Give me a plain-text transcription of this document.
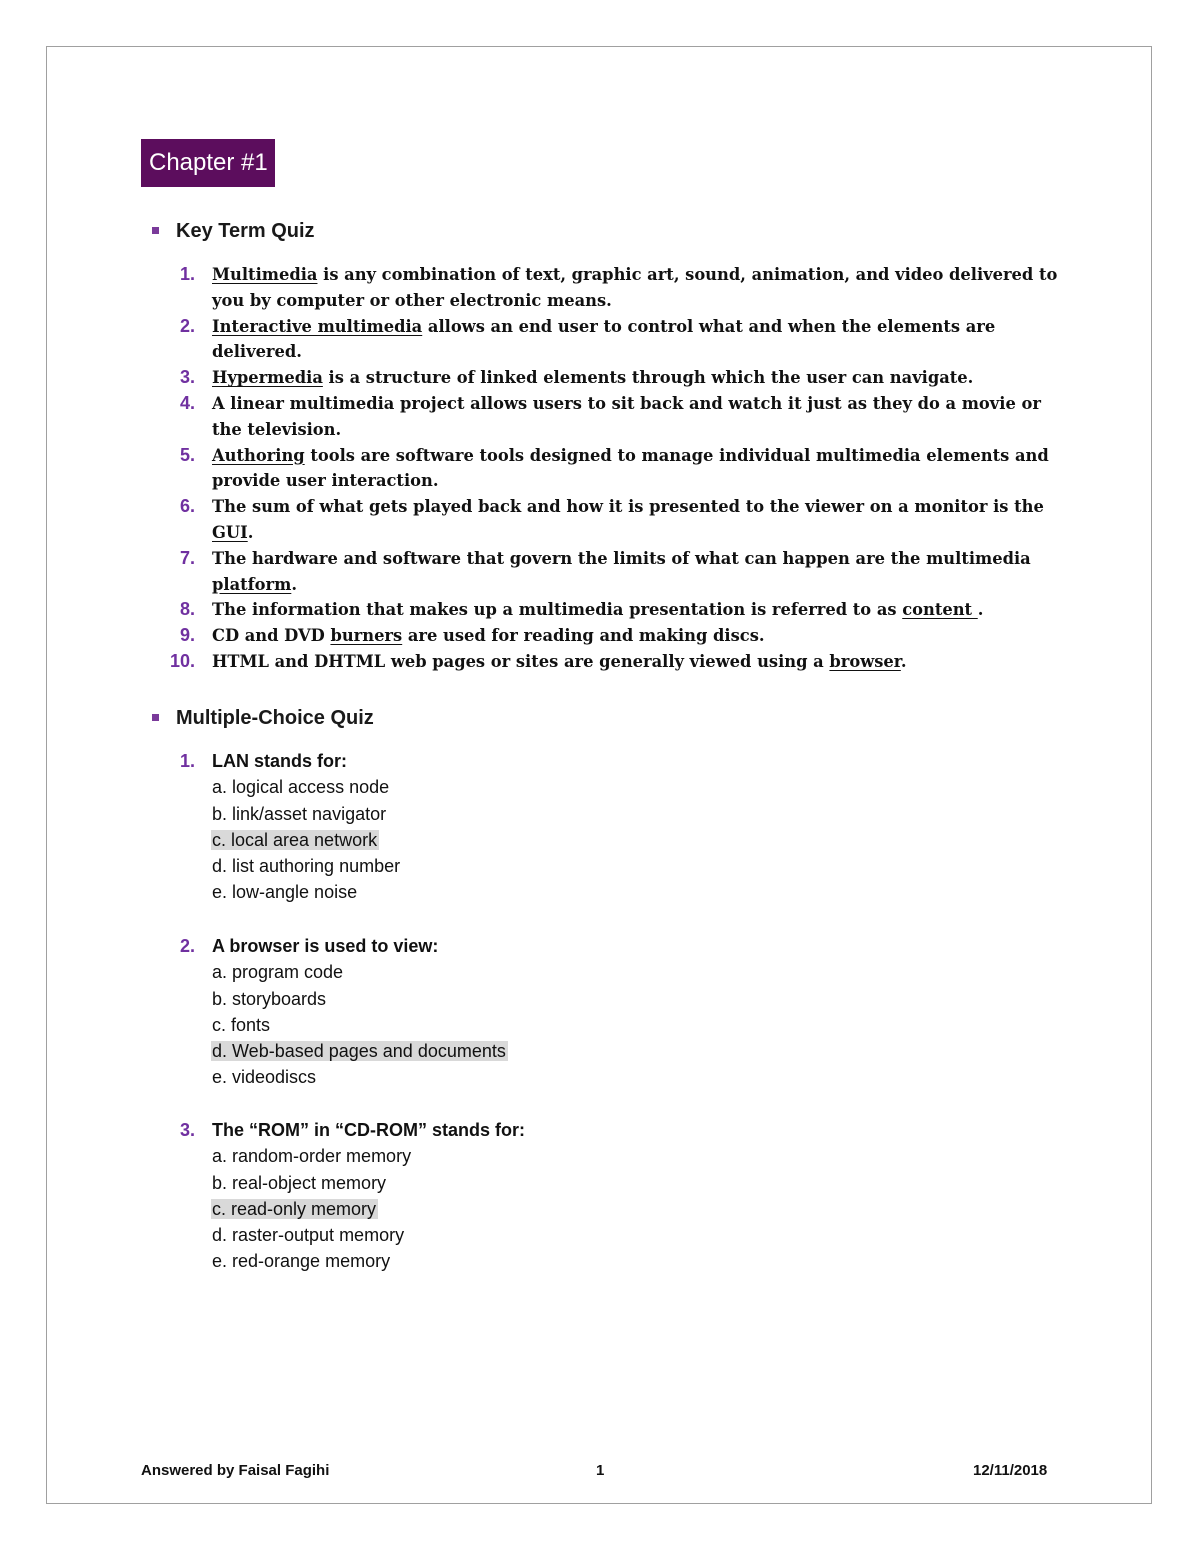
Chapter #1
Key Term Quiz
1. Multimedia is any combination of text, graphic art, sound, animation, and video delivered to you by computer or other electronic means.
2. Interactive multimedia allows an end user to control what and when the elements are delivered.
3. Hypermedia is a structure of linked elements through which the user can navigate.
4. A linear multimedia project allows users to sit back and watch it just as they do a movie or the television.
5. Authoring tools are software tools designed to manage individual multimedia elements and provide user interaction.
6. The sum of what gets played back and how it is presented to the viewer on a monitor is the GUI.
7. The hardware and software that govern the limits of what can happen are the multimedia platform.
8. The information that makes up a multimedia presentation is referred to as content .
9. CD and DVD burners are used for reading and making discs.
10. HTML and DHTML web pages or sites are generally viewed using a browser.
Multiple-Choice Quiz
1. LAN stands for:
a. logical access node
b. link/asset navigator
c. local area network
d. list authoring number
e. low-angle noise
2. A browser is used to view:
a. program code
b. storyboards
c. fonts
d. Web-based pages and documents
e. videodiscs
3. The “ROM” in “CD-ROM” stands for:
a. random-order memory
b. real-object memory
c. read-only memory
d. raster-output memory
e. red-orange memory
Answered by Faisal Fagihi	1	12/11/2018
